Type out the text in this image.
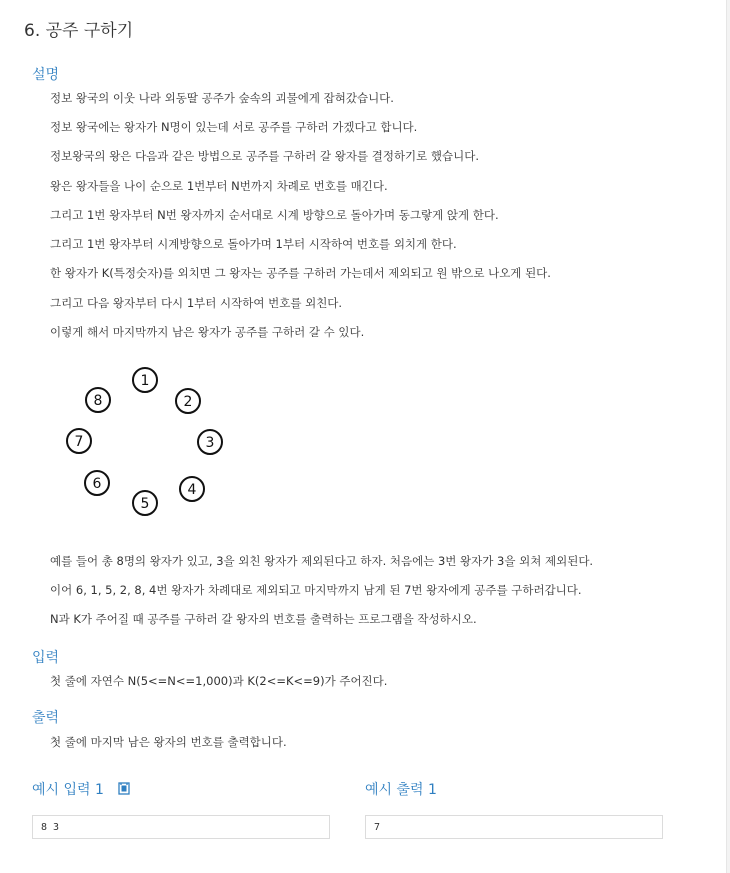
6. 공주 구하기
설명

정보 왕국의 이웃 나라 외동딸 공주가 숲속의 괴물에게 잡혀갔습니다.

정보 왕국에는 왕자가 N명이 있는데 서로 공주를 구하러 가겠다고 합니다.

정보왕국의 왕은 다음과 같은 방법으로 공주를 구하러 갈 왕자를 결정하기로 했습니다.

왕은 왕자들을 나이 순으로 1번부터 N번까지 차례로 번호를 매긴다.

그리고 1번 왕자부터 N번 왕자까지 순서대로 시계 방향으로 돌아가며 동그랗게 앉게 한다.

그리고 1번 왕자부터 시계방향으로 돌아가며 1부터 시작하여 번호를 외치게 한다.

한 왕자가 K(특정숫자)를 외치면 그 왕자는 공주를 구하러 가는데서 제외되고 원 밖으로 나오게 된다.

그리고 다음 왕자부터 다시 1부터 시작하여 번호를 외친다.

이렇게 해서 마지막까지 남은 왕자가 공주를 구하러 갈 수 있다.

1
2
3
4
5
6
7
8

예를 들어 총 8명의 왕자가 있고, 3을 외친 왕자가 제외된다고 하자. 처음에는 3번 왕자가 3을 외쳐 제외된다.

이어 6, 1, 5, 2, 8, 4번 왕자가 차례대로 제외되고 마지막까지 남게 된 7번 왕자에게 공주를 구하러갑니다.

N과 K가 주어질 때 공주를 구하러 갈 왕자의 번호를 출력하는 프로그램을 작성하시오.

입력

첫 줄에 자연수 N(5<=N<=1,000)과 K(2<=K<=9)가 주어진다.

출력

첫 줄에 마지막 남은 왕자의 번호를 출력합니다.

예시 입력 1	예시 출력 1
8 3	7
